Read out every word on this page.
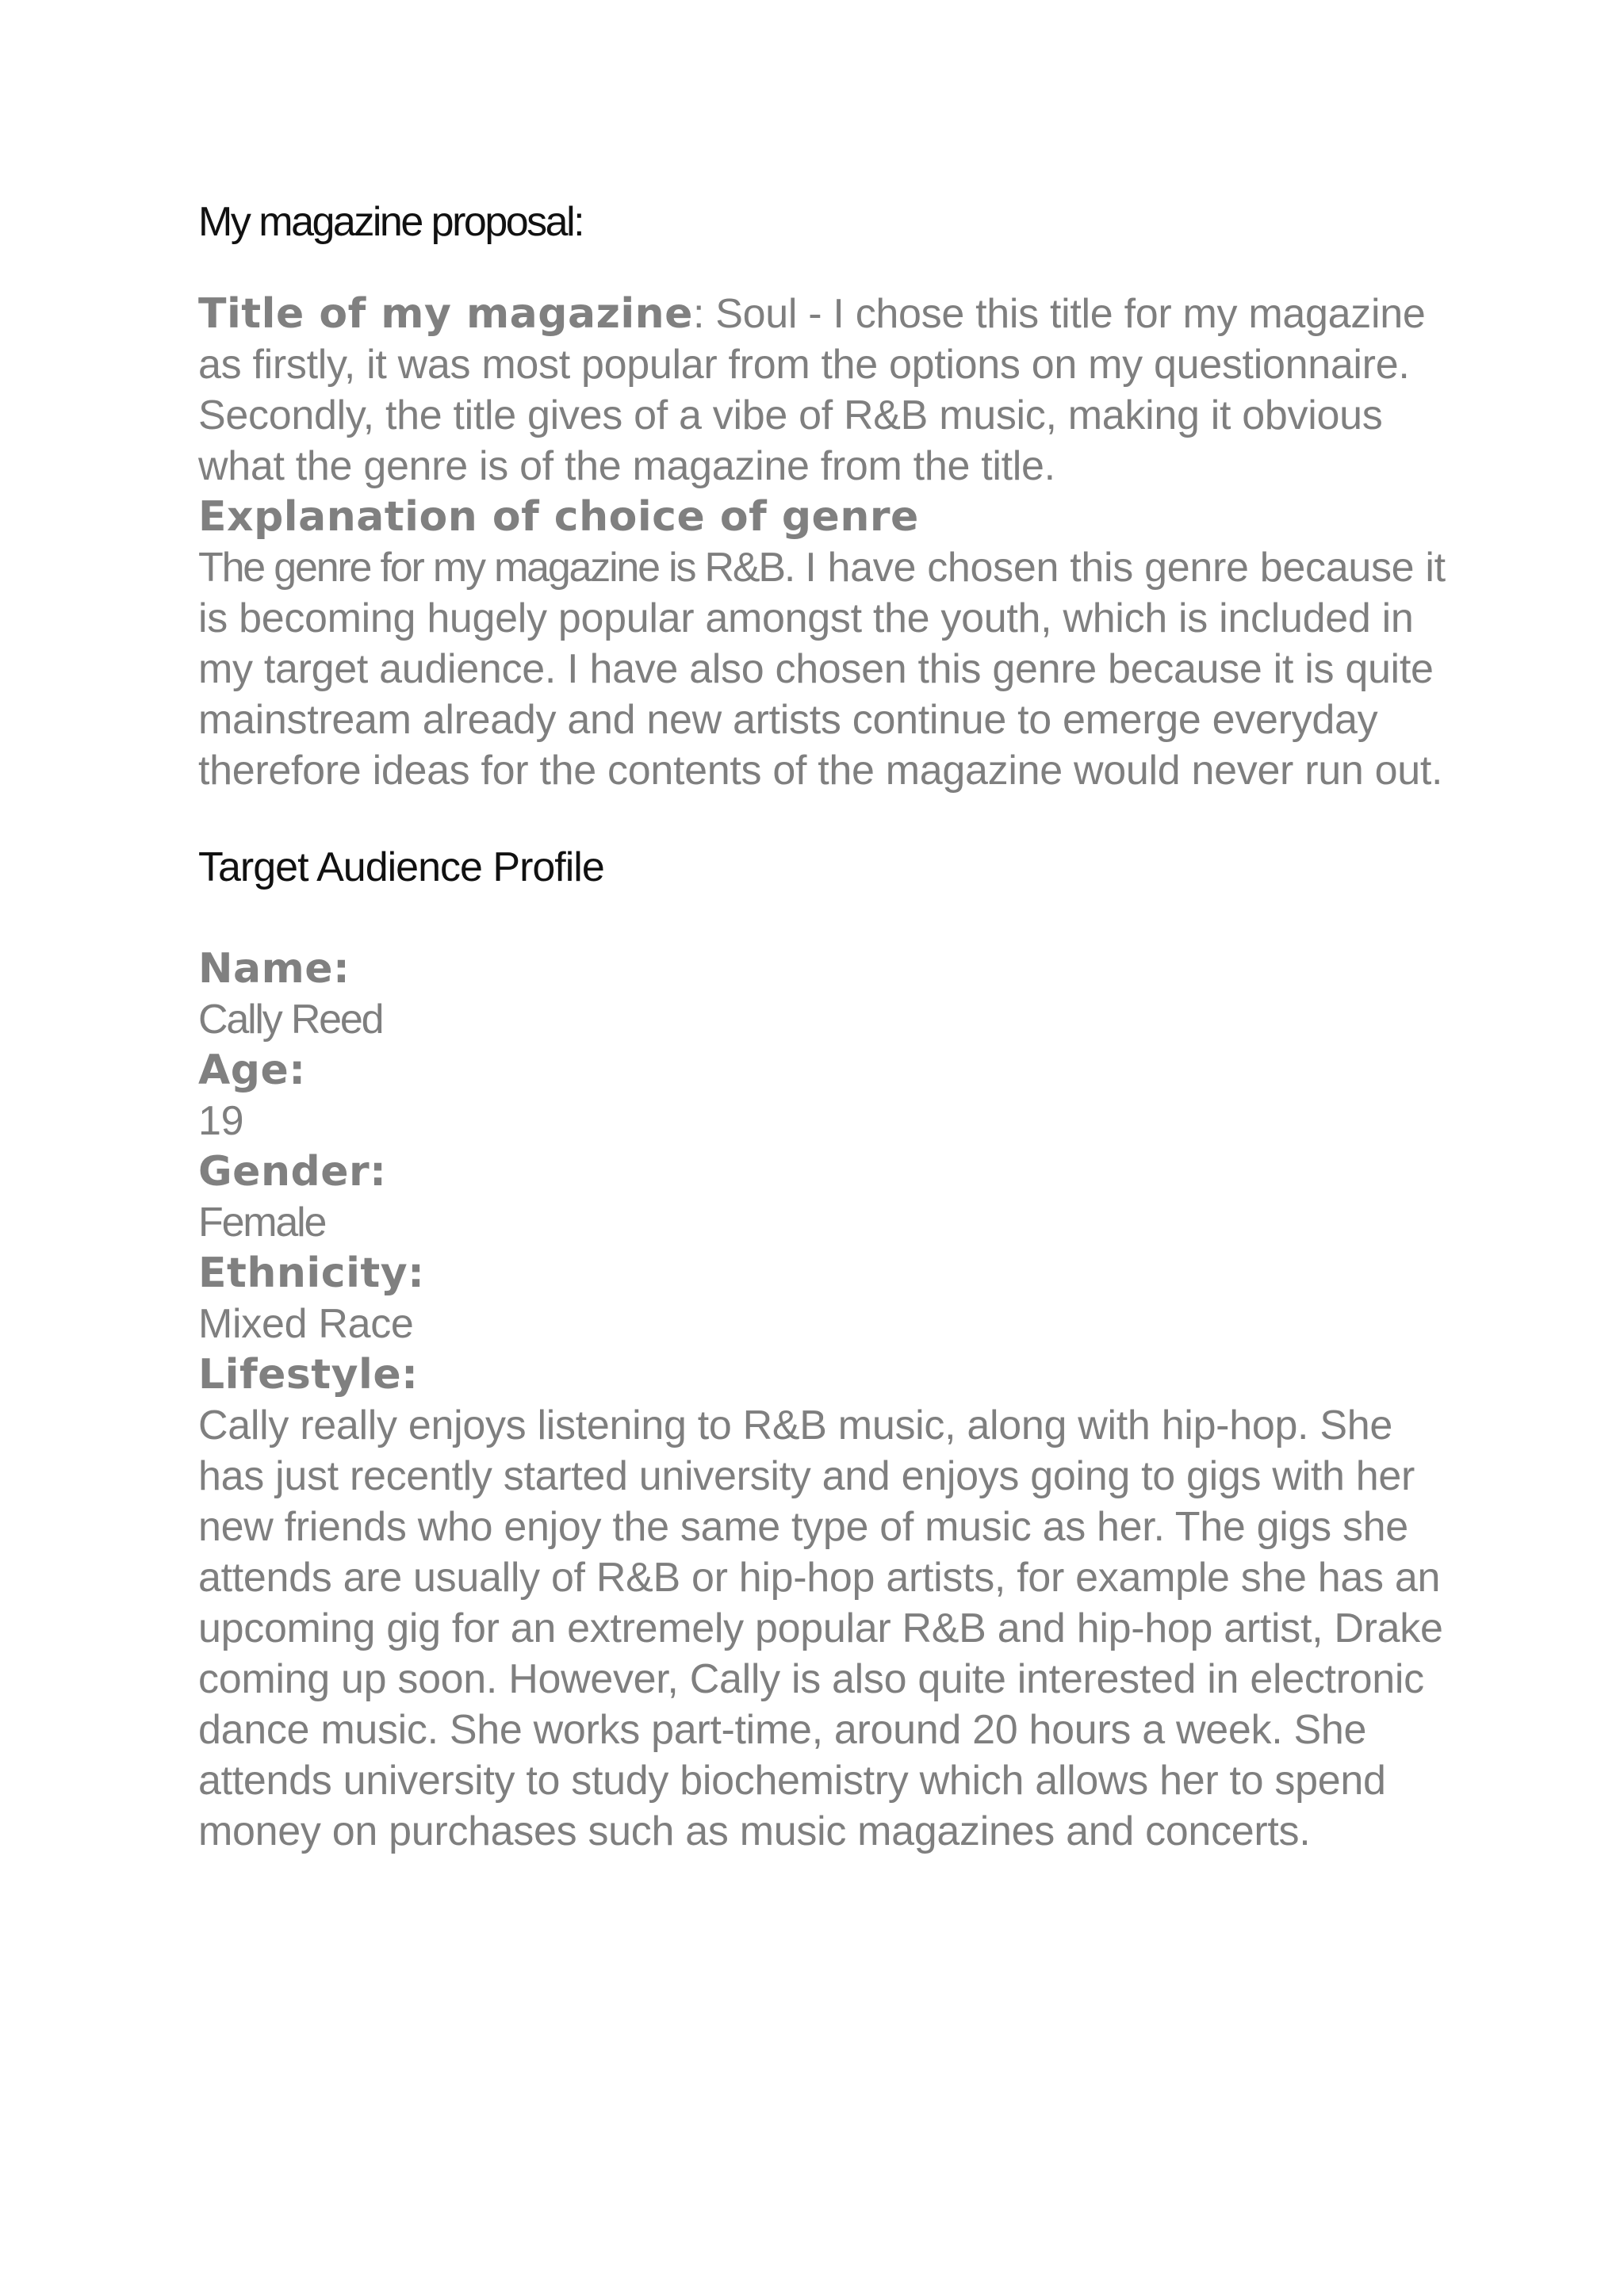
My magazine proposal:

Title of my magazine: Soul - I chose this title for my magazine as firstly, it was most popular from the options on my questionnaire. Secondly, the title gives of a vibe of R&B music, making it obvious what the genre is of the magazine from the title.

Explanation of choice of genre

The genre for my magazine is R&B. I have chosen this genre because it is becoming hugely popular amongst the youth, which is included in my target audience. I have also chosen this genre because it is quite mainstream already and new artists continue to emerge everyday therefore ideas for the contents of the magazine would never run out.

Target Audience Profile
Name:

Cally Reed

Age:

19

Gender:

Female

Ethnicity:

Mixed Race

Lifestyle:

Cally really enjoys listening to R&B music, along with hip-hop. She has just recently started university and enjoys going to gigs with her new friends who enjoy the same type of music as her. The gigs she attends are usually of R&B or hip-hop artists, for example she has an upcoming gig for an extremely popular R&B and hip-hop artist, Drake coming up soon. However, Cally is also quite interested in electronic dance music. She works part-time, around 20 hours a week. She attends university to study biochemistry which allows her to spend money on purchases such as music magazines and concerts.
